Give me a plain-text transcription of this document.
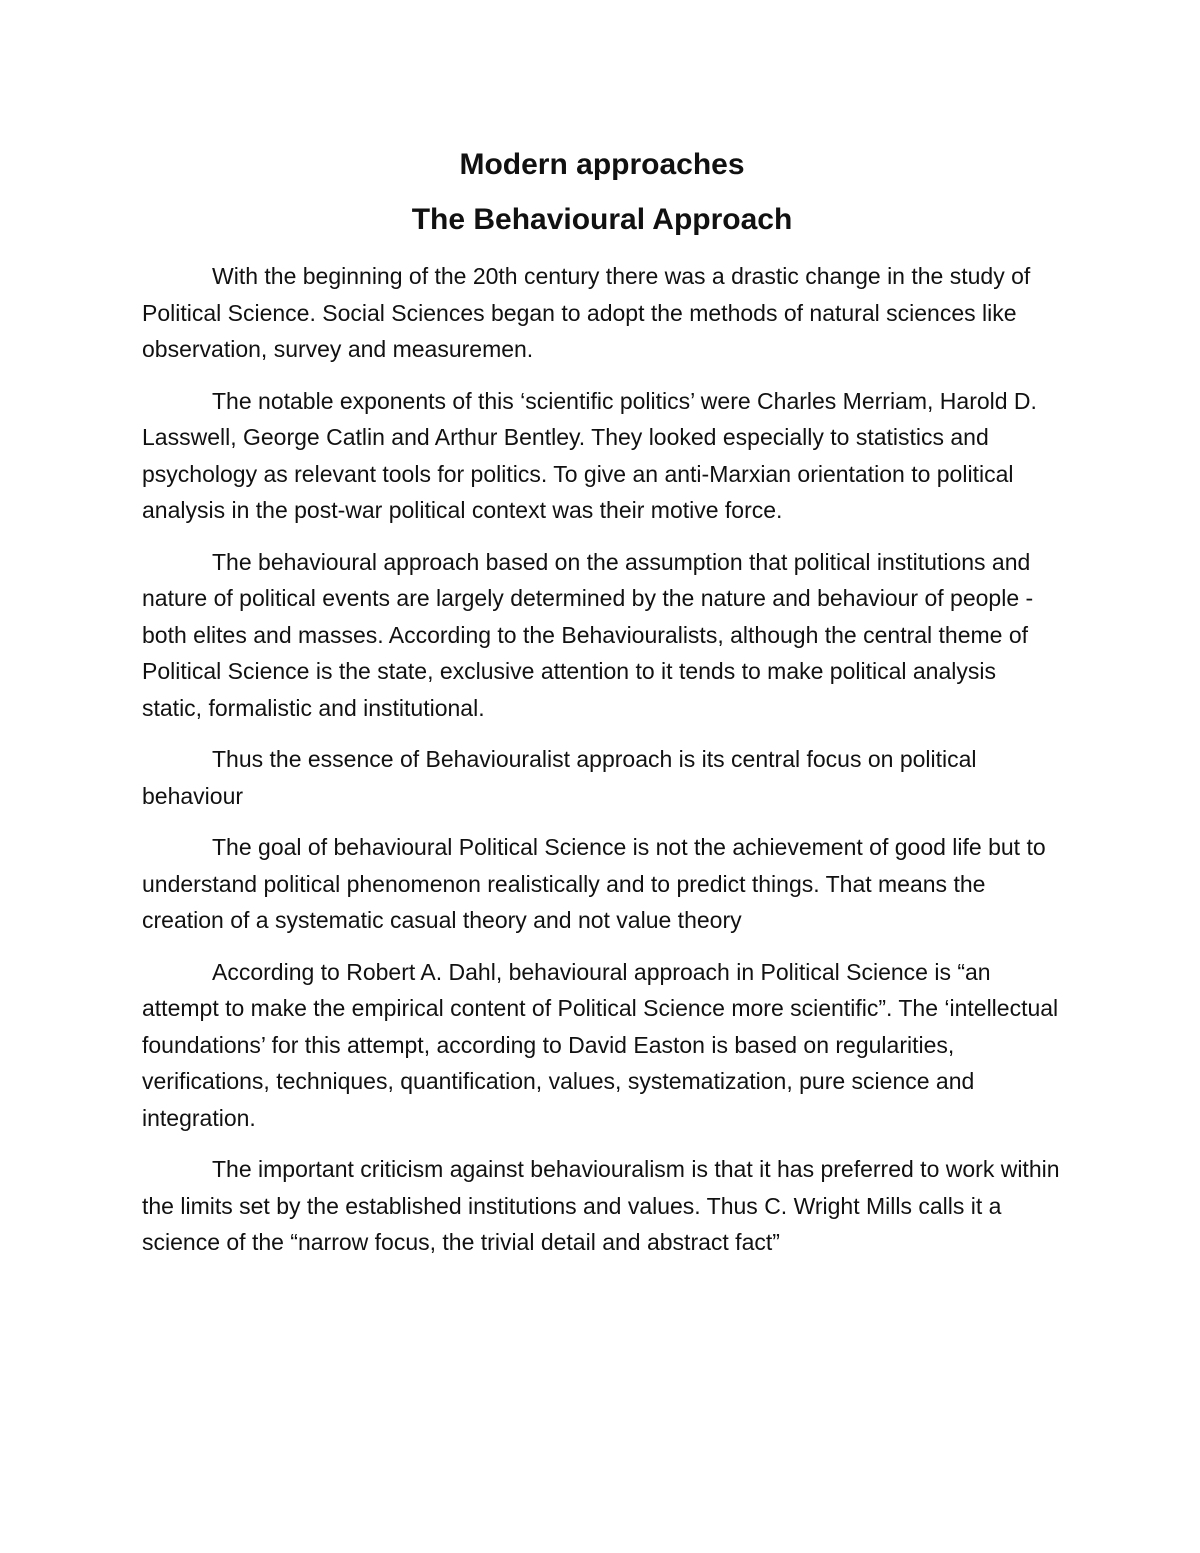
Modern approaches
The Behavioural Approach

With the beginning of the 20th century there was a drastic change in the study of Political Science. Social Sciences began to adopt the methods of natural sciences like observation, survey and measuremen.

The notable exponents of this ‘scientific politics’ were Charles Merriam, Harold D. Lasswell, George Catlin and Arthur Bentley. They looked especially to statistics and psychology as relevant tools for politics. To give an anti-Marxian orientation to political analysis in the post-war political context was their motive force.

The behavioural approach based on the assumption that political institutions and nature of political events are largely determined by the nature and behaviour of people -both elites and masses. According to the Behaviouralists, although the central theme of Political Science is the state, exclusive attention to it tends to make political analysis static, formalistic and institutional.

Thus the essence of Behaviouralist approach is its central focus on political behaviour

The goal of behavioural Political Science is not the achievement of good life but to understand political phenomenon realistically and to predict things. That means the creation of a systematic casual theory and not value theory

According to Robert A. Dahl, behavioural approach in Political Science is “an attempt to make the empirical content of Political Science more scientific”. The ‘intellectual foundations’ for this attempt, according to David Easton is based on regularities, verifications, techniques, quantification, values, systematization, pure science and integration.

The important criticism against behaviouralism is that it has preferred to work within the limits set by the established institutions and values. Thus C. Wright Mills calls it a science of the “narrow focus, the trivial detail and abstract fact”
